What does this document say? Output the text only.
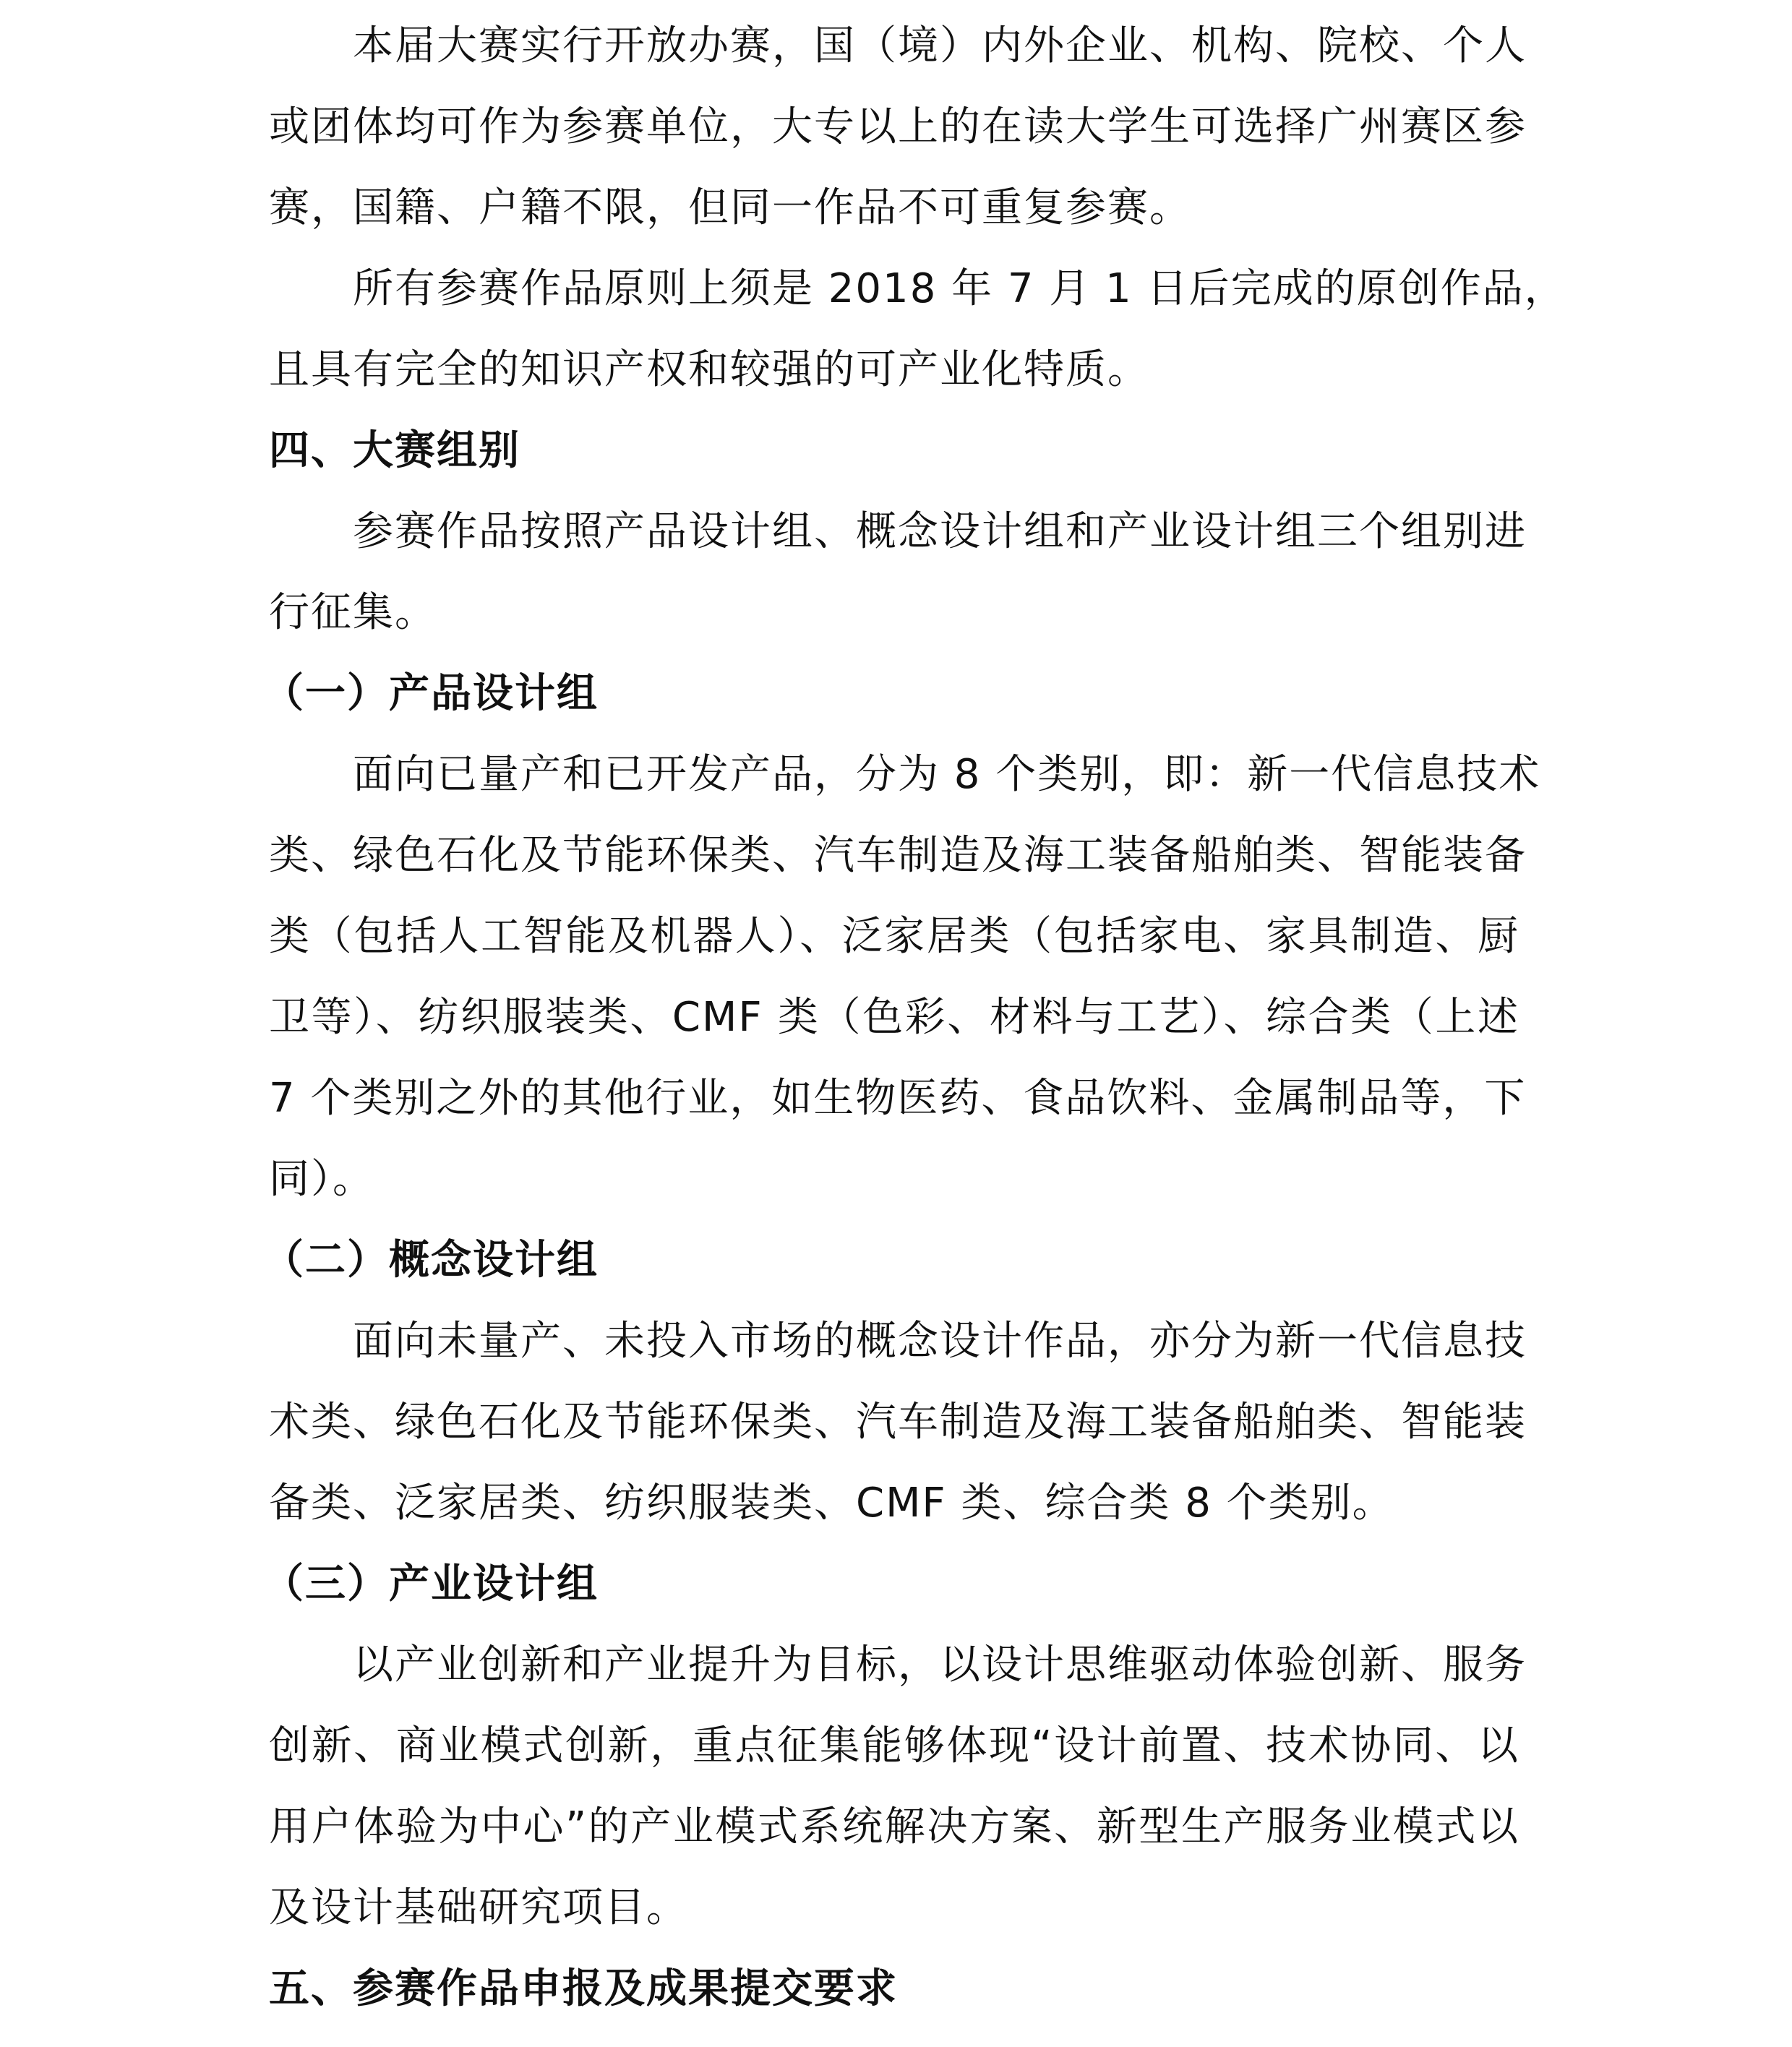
本届大赛实行开放办赛，国（境）内外企业、机构、院校、个人
或团体均可作为参赛单位，大专以上的在读大学生可选择广州赛区参
赛，国籍、户籍不限，但同一作品不可重复参赛。
所有参赛作品原则上须是 2018 年 7 月 1 日后完成的原创作品，
且具有完全的知识产权和较强的可产业化特质。
四、大赛组别
参赛作品按照产品设计组、概念设计组和产业设计组三个组别进
行征集。
（一）产品设计组
面向已量产和已开发产品，分为 8 个类别，即：新一代信息技术
类、绿色石化及节能环保类、汽车制造及海工装备船舶类、智能装备
类（包括人工智能及机器人）、泛家居类（包括家电、家具制造、厨
卫等）、纺织服装类、CMF 类（色彩、材料与工艺）、综合类（上述
7 个类别之外的其他行业，如生物医药、食品饮料、金属制品等，下
同）。
（二）概念设计组
面向未量产、未投入市场的概念设计作品，亦分为新一代信息技
术类、绿色石化及节能环保类、汽车制造及海工装备船舶类、智能装
备类、泛家居类、纺织服装类、CMF 类、综合类 8 个类别。
（三）产业设计组
以产业创新和产业提升为目标，以设计思维驱动体验创新、服务
创新、商业模式创新，重点征集能够体现“设计前置、技术协同、以
用户体验为中心”的产业模式系统解决方案、新型生产服务业模式以
及设计基础研究项目。
五、参赛作品申报及成果提交要求
